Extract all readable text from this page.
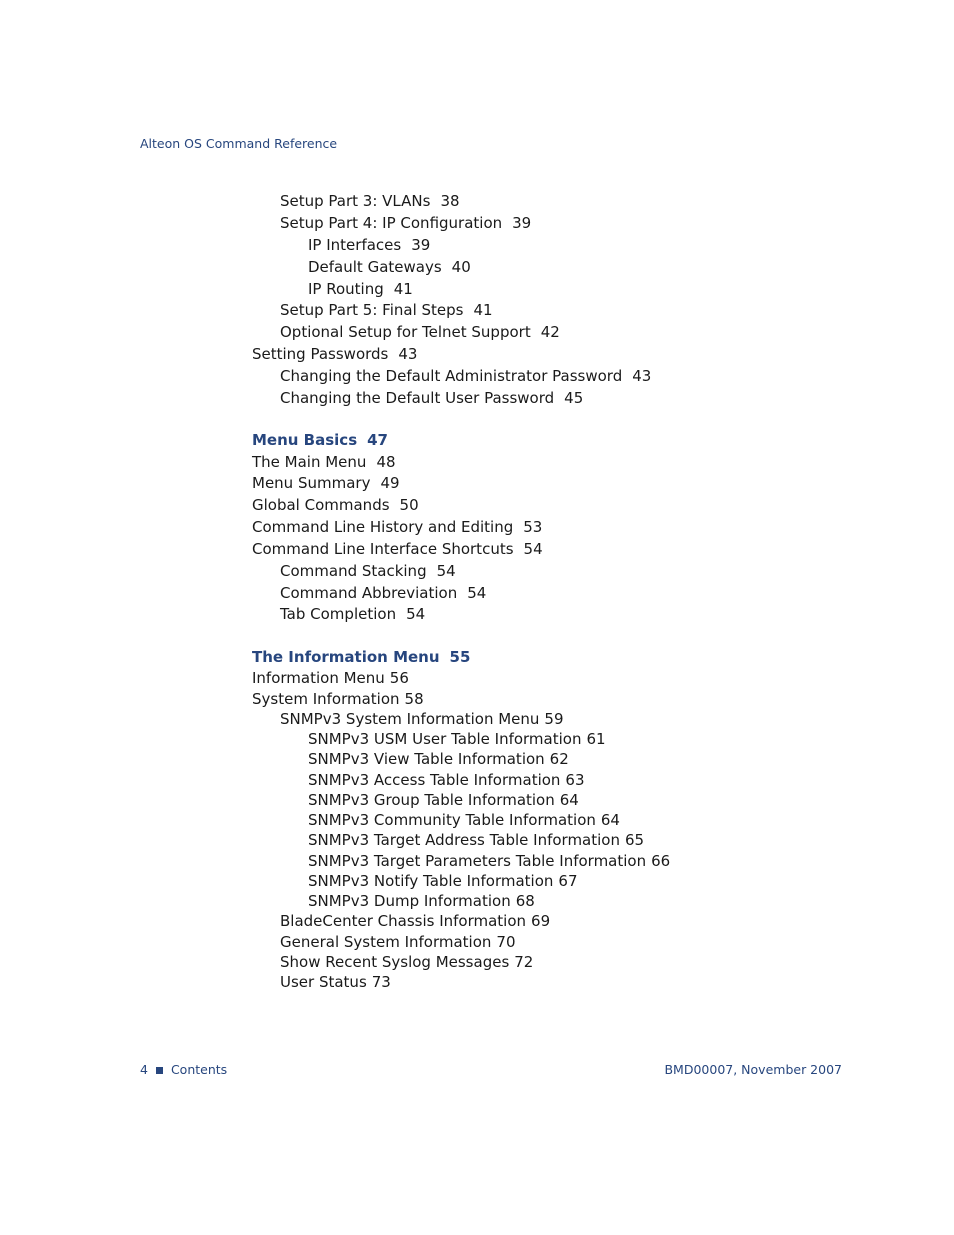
Alteon OS Command Reference
Setup Part 3: VLANs 38
Setup Part 4: IP Configuration 39
IP Interfaces 39
Default Gateways 40
IP Routing 41
Setup Part 5: Final Steps 41
Optional Setup for Telnet Support 42
Setting Passwords 43
Changing the Default Administrator Password 43
Changing the Default User Password 45
Menu Basics 47
The Main Menu 48
Menu Summary 49
Global Commands 50
Command Line History and Editing 53
Command Line Interface Shortcuts 54
Command Stacking 54
Command Abbreviation 54
Tab Completion 54
The Information Menu 55
Information Menu 56
System Information 58
SNMPv3 System Information Menu 59
SNMPv3 USM User Table Information 61
SNMPv3 View Table Information 62
SNMPv3 Access Table Information 63
SNMPv3 Group Table Information 64
SNMPv3 Community Table Information 64
SNMPv3 Target Address Table Information 65
SNMPv3 Target Parameters Table Information 66
SNMPv3 Notify Table Information 67
SNMPv3 Dump Information 68
BladeCenter Chassis Information 69
General System Information 70
Show Recent Syslog Messages 72
User Status 73
4 Contents	BMD00007, November 2007
